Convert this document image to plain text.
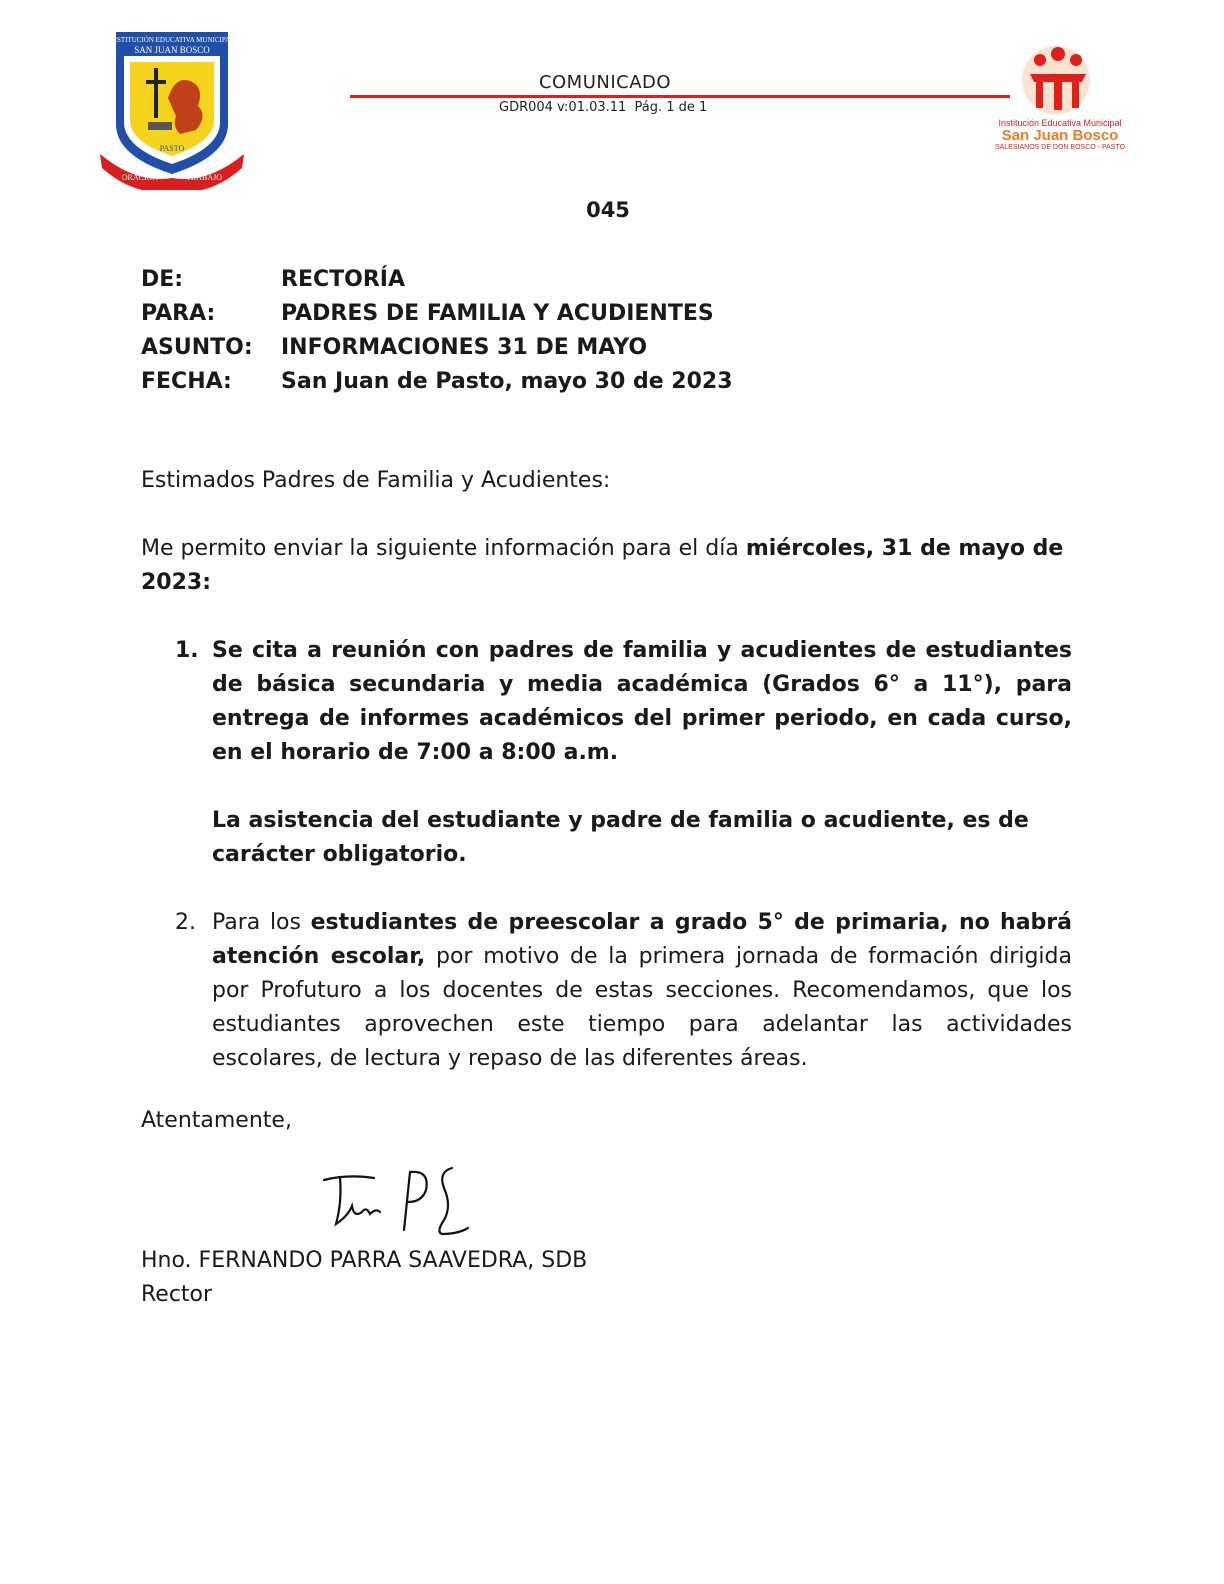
INSTITUCIÓN EDUCATIVA MUNICIPAL
SAN JUAN BOSCO
PASTO
ORACIÓN	TRABAJO
COMUNICADO
GDR004 v:01.03.11 Pág. 1 de 1
Institución Educativa Municipal
San Juan Bosco
SALESIANOS DE DON BOSCO - PASTO
045
DE:	RECTORÍA
PARA:	PADRES DE FAMILIA Y ACUDIENTES
ASUNTO:	INFORMACIONES 31 DE MAYO
FECHA:	San Juan de Pasto, mayo 30 de 2023
Estimados Padres de Familia y Acudientes:
Me permito enviar la siguiente información para el día miércoles, 31 de mayo de 2023:
1. Se cita a reunión con padres de familia y acudientes de estudiantes de básica secundaria y media académica (Grados 6° a 11°), para entrega de informes académicos del primer periodo, en cada curso, en el horario de 7:00 a 8:00 a.m.
La asistencia del estudiante y padre de familia o acudiente, es de carácter obligatorio.
2. Para los estudiantes de preescolar a grado 5° de primaria, no habrá atención escolar, por motivo de la primera jornada de formación dirigida por Profuturo a los docentes de estas secciones. Recomendamos, que los estudiantes aprovechen este tiempo para adelantar las actividades escolares, de lectura y repaso de las diferentes áreas.
Atentamente,
Hno. FERNANDO PARRA SAAVEDRA, SDB
Rector
